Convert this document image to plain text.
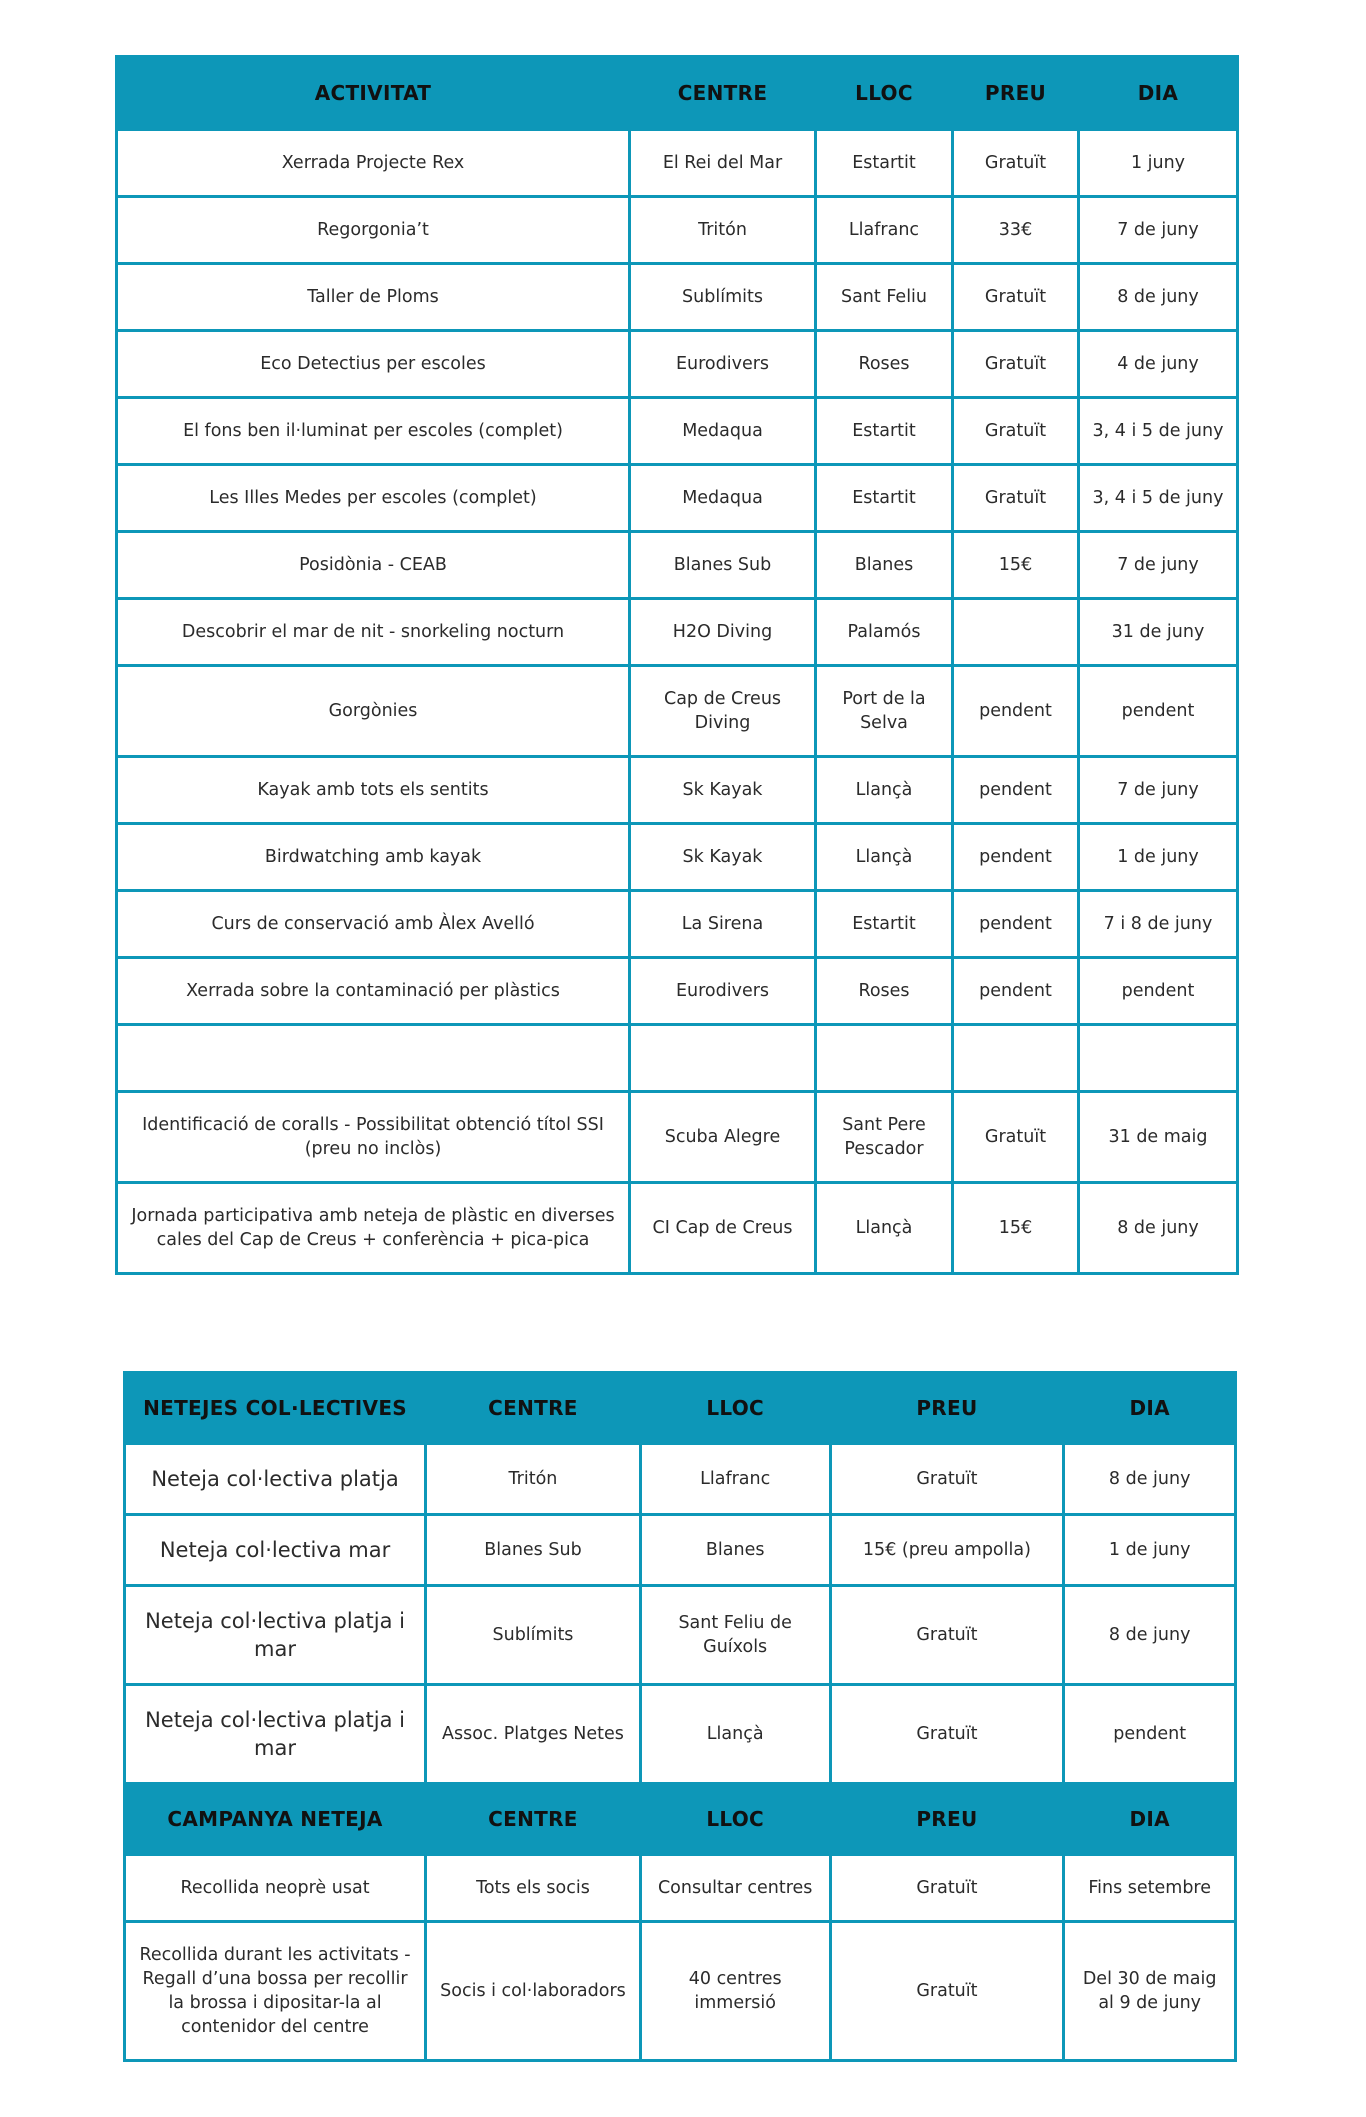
ACTIVITAT	CENTRE	LLOC	PREU	DIA
Xerrada Projecte Rex	El Rei del Mar	Estartit	Gratuït	1 juny
Regorgonia’t	Tritón	Llafranc	33€	7 de juny
Taller de Ploms	Sublímits	Sant Feliu	Gratuït	8 de juny
Eco Detectius per escoles	Eurodivers	Roses	Gratuït	4 de juny
El fons ben il·luminat per escoles (complet)	Medaqua	Estartit	Gratuït	3, 4 i 5 de juny
Les Illes Medes per escoles (complet)	Medaqua	Estartit	Gratuït	3, 4 i 5 de juny
Posidònia - CEAB	Blanes Sub	Blanes	15€	7 de juny
Descobrir el mar de nit - snorkeling nocturn	H2O Diving	Palamós		31 de juny
Gorgònies	Cap de Creus Diving	Port de la Selva	pendent	pendent
Kayak amb tots els sentits	Sk Kayak	Llançà	pendent	7 de juny
Birdwatching amb kayak	Sk Kayak	Llançà	pendent	1 de juny
Curs de conservació amb Àlex Avelló	La Sirena	Estartit	pendent	7 i 8 de juny
Xerrada sobre la contaminació per plàstics	Eurodivers	Roses	pendent	pendent

Identificació de coralls - Possibilitat obtenció títol SSI (preu no inclòs)	Scuba Alegre	Sant Pere Pescador	Gratuït	31 de maig
Jornada participativa amb neteja de plàstic en diverses cales del Cap de Creus + conferència + pica-pica	CI Cap de Creus	Llançà	15€	8 de juny
NETEJES COL·LECTIVES	CENTRE	LLOC	PREU	DIA
Neteja col·lectiva platja	Tritón	Llafranc	Gratuït	8 de juny
Neteja col·lectiva mar	Blanes Sub	Blanes	15€ (preu ampolla)	1 de juny
Neteja col·lectiva platja i mar	Sublímits	Sant Feliu de Guíxols	Gratuït	8 de juny
Neteja col·lectiva platja i mar	Assoc. Platges Netes	Llançà	Gratuït	pendent
CAMPANYA NETEJA	CENTRE	LLOC	PREU	DIA
Recollida neoprè usat	Tots els socis	Consultar centres	Gratuït	Fins setembre
Recollida durant les activitats - Regall d’una bossa per recollir la brossa i dipositar-la al contenidor del centre	Socis i col·laboradors	40 centres immersió	Gratuït	Del 30 de maig al 9 de juny
